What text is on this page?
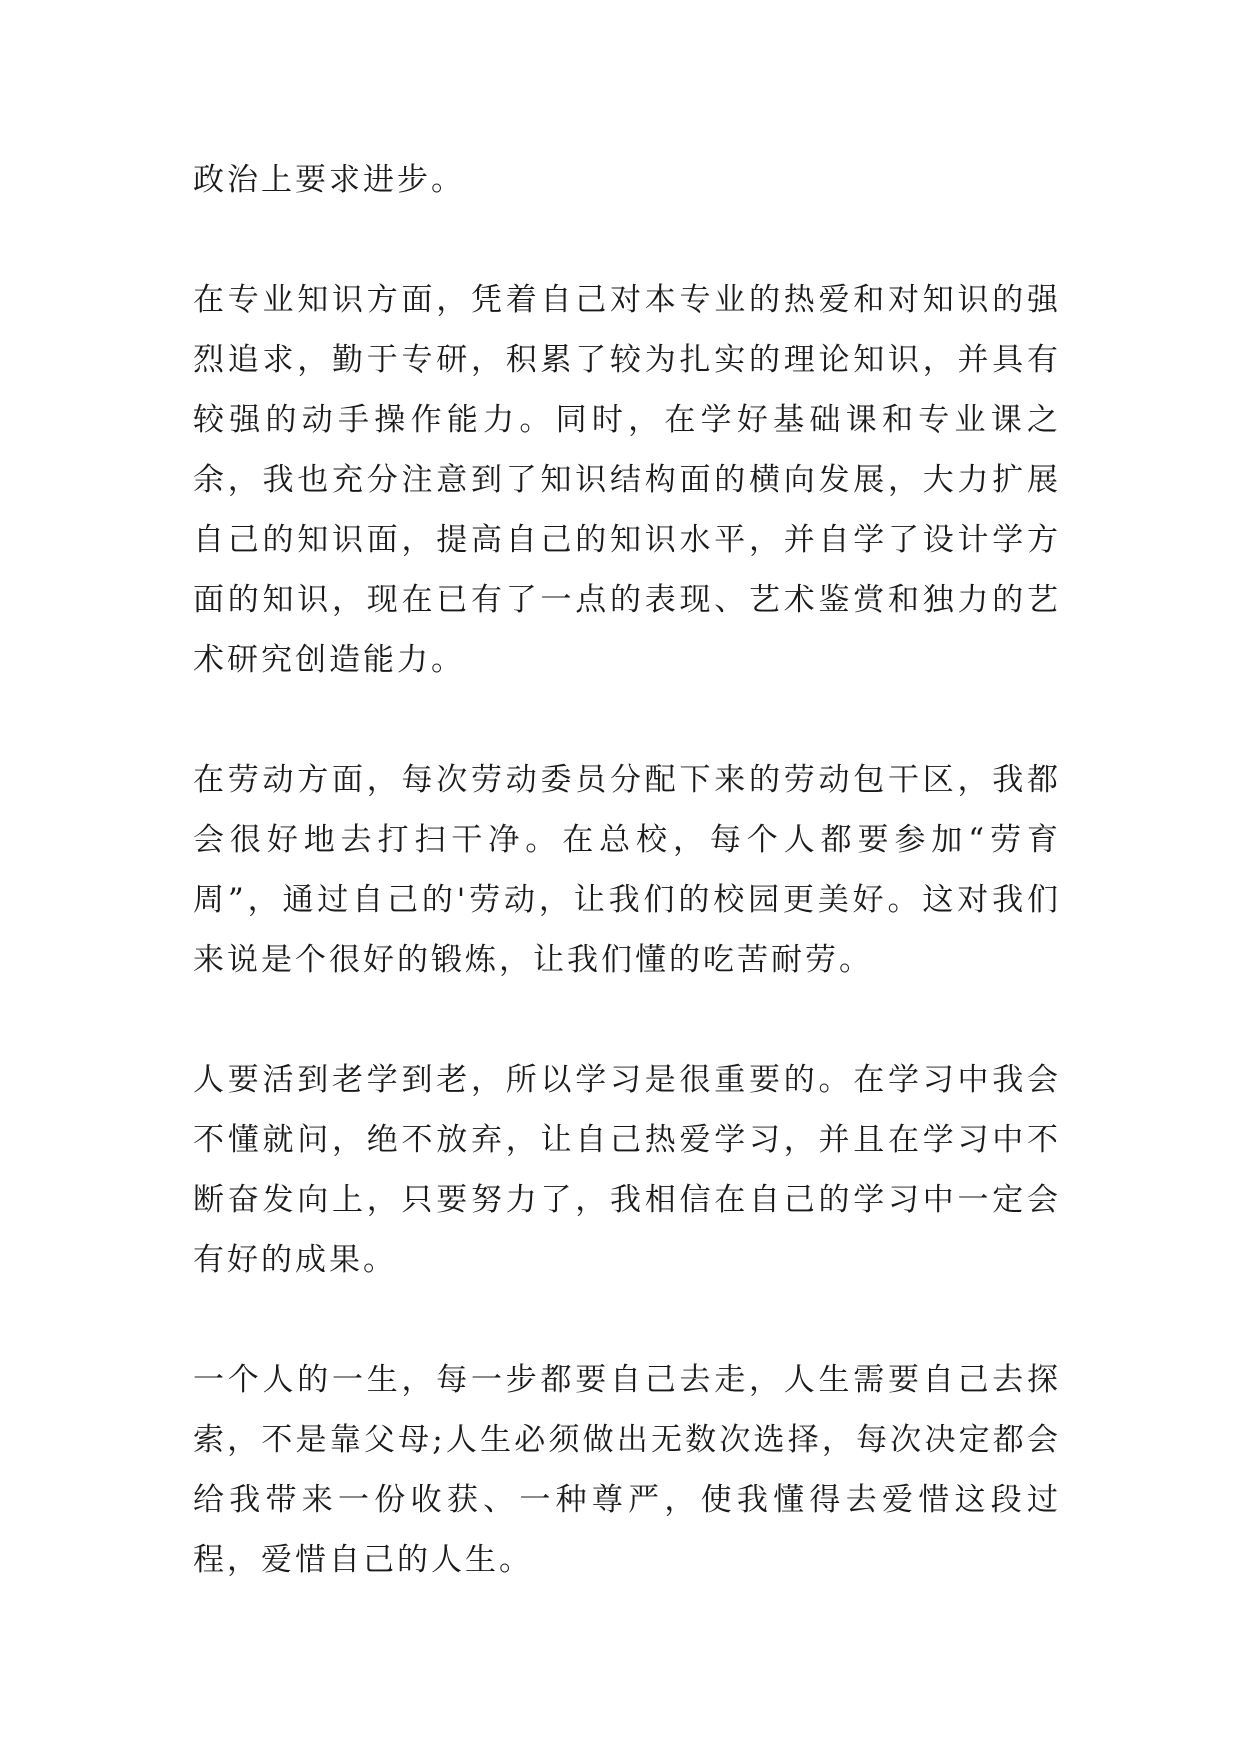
政治上要求进步。

在专业知识方面，凭着自己对本专业的热爱和对知识的强烈追求，勤于专研，积累了较为扎实的理论知识，并具有较强的动手操作能力。同时，在学好基础课和专业课之余，我也充分注意到了知识结构面的横向发展，大力扩展自己的知识面，提高自己的知识水平，并自学了设计学方面的知识，现在已有了一点的表现、艺术鉴赏和独力的艺术研究创造能力。

在劳动方面，每次劳动委员分配下来的劳动包干区，我都会很好地去打扫干净。在总校，每个人都要参加“劳育周”，通过自己的'劳动，让我们的校园更美好。这对我们来说是个很好的锻炼，让我们懂的吃苦耐劳。

人要活到老学到老，所以学习是很重要的。在学习中我会不懂就问，绝不放弃，让自己热爱学习，并且在学习中不断奋发向上，只要努力了，我相信在自己的学习中一定会有好的成果。

一个人的一生，每一步都要自己去走，人生需要自己去探索，不是靠父母;人生必须做出无数次选择，每次决定都会给我带来一份收获、一种尊严，使我懂得去爱惜这段过程，爱惜自己的人生。
